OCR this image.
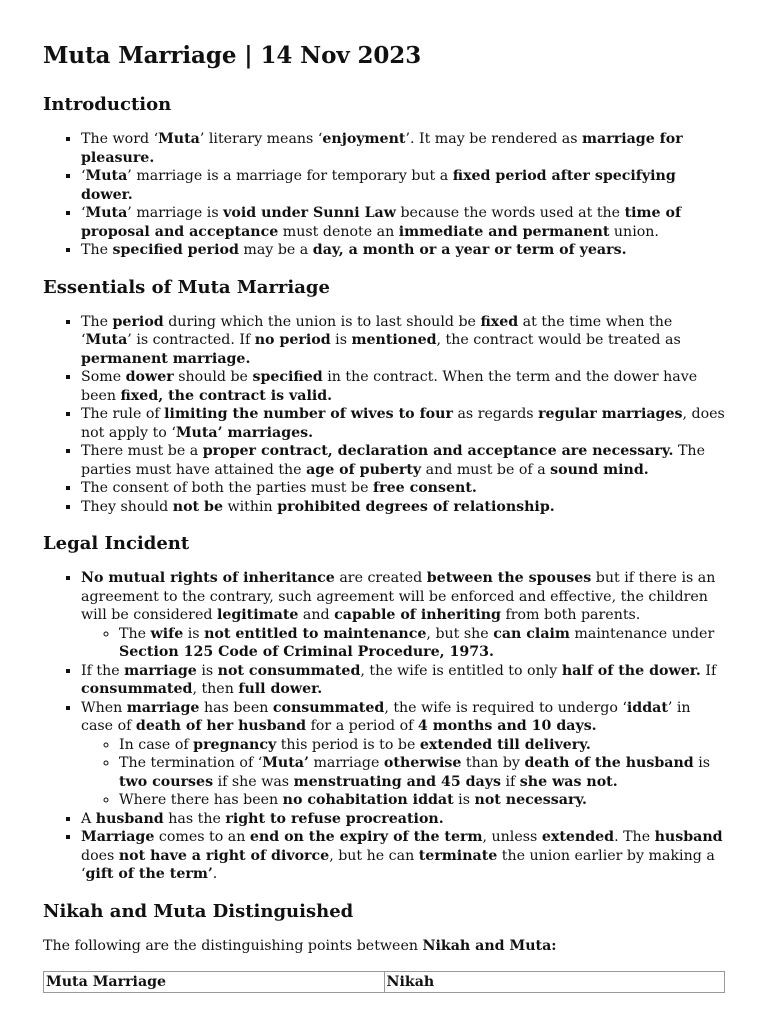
Muta Marriage | 14 Nov 2023
Introduction
▪ The word ‘Muta’ literary means ‘enjoyment’. It may be rendered as marriage for pleasure.
▪ ‘Muta’ marriage is a marriage for temporary but a fixed period after specifying dower.
▪ ‘Muta’ marriage is void under Sunni Law because the words used at the time of proposal and acceptance must denote an immediate and permanent union.
▪ The specified period may be a day, a month or a year or term of years.
Essentials of Muta Marriage
▪ The period during which the union is to last should be fixed at the time when the ‘Muta’ is contracted. If no period is mentioned, the contract would be treated as permanent marriage.
▪ Some dower should be specified in the contract. When the term and the dower have been fixed, the contract is valid.
▪ The rule of limiting the number of wives to four as regards regular marriages, does not apply to ‘Muta’ marriages.
▪ There must be a proper contract, declaration and acceptance are necessary. The parties must have attained the age of puberty and must be of a sound mind.
▪ The consent of both the parties must be free consent.
▪ They should not be within prohibited degrees of relationship.
Legal Incident
▪ No mutual rights of inheritance are created between the spouses but if there is an agreement to the contrary, such agreement will be enforced and effective, the children will be considered legitimate and capable of inheriting from both parents.
◦ The wife is not entitled to maintenance, but she can claim maintenance under Section 125 Code of Criminal Procedure, 1973.
▪ If the marriage is not consummated, the wife is entitled to only half of the dower. If consummated, then full dower.
▪ When marriage has been consummated, the wife is required to undergo ‘iddat’ in case of death of her husband for a period of 4 months and 10 days.
◦ In case of pregnancy this period is to be extended till delivery.
◦ The termination of ‘Muta’ marriage otherwise than by death of the husband is two courses if she was menstruating and 45 days if she was not.
◦ Where there has been no cohabitation iddat is not necessary.
▪ A husband has the right to refuse procreation.
▪ Marriage comes to an end on the expiry of the term, unless extended. The husband does not have a right of divorce, but he can terminate the union earlier by making a ‘gift of the term’.
Nikah and Muta Distinguished

The following are the distinguishing points between Nikah and Muta:

Muta Marriage	Nikah
